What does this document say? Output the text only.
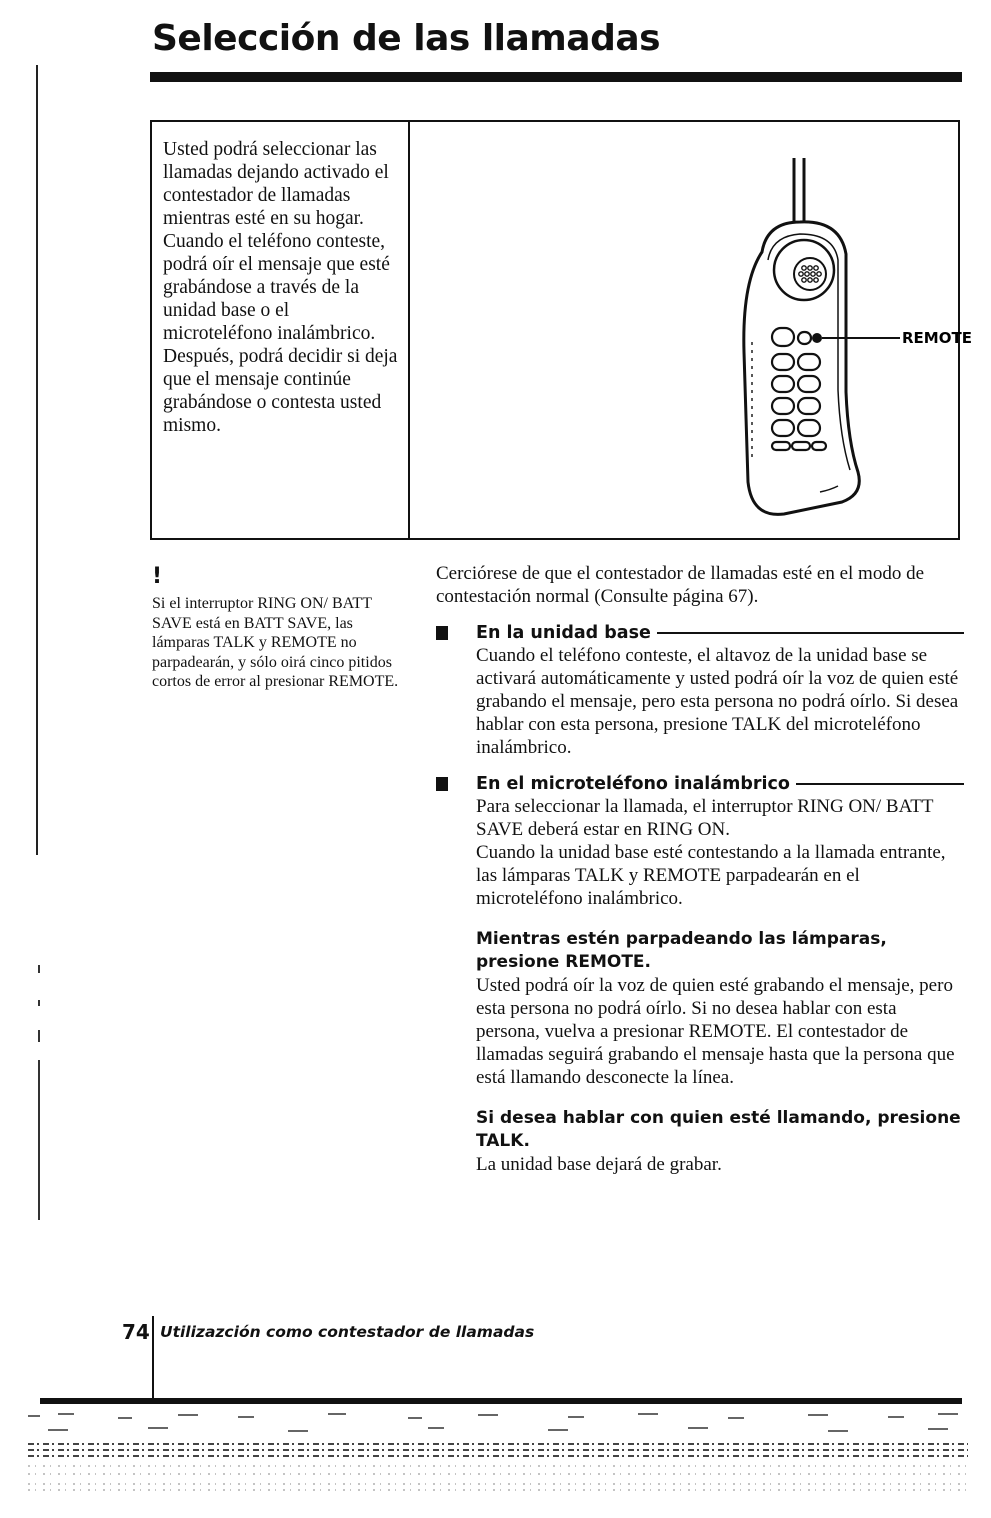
Selección de las llamadas

Usted podrá seleccionar las llamadas dejando activado el contestador de llamadas mientras esté en su hogar. Cuando el teléfono conteste, podrá oír el mensaje que esté grabándose a través de la unidad base o el microteléfono inalámbrico. Después, podrá decidir si deja que el mensaje continúe grabándose o contesta usted mismo.

REMOTE
!

Si el interruptor RING ON/ BATT SAVE está en BATT SAVE, las lámparas TALK y REMOTE no parpadearán, y sólo oirá cinco pitidos cortos de error al presionar REMOTE.

Cerciórese de que el contestador de llamadas esté en el modo de contestación normal (Consulte página 67).

En la unidad base

Cuando el teléfono conteste, el altavoz de la unidad base se activará automáticamente y usted podrá oír la voz de quien esté grabando el mensaje, pero esta persona no podrá oírlo. Si desea hablar con esta persona, presione TALK del microteléfono inalámbrico.

En el microteléfono inalámbrico

Para seleccionar la llamada, el interruptor RING ON/ BATT SAVE deberá estar en RING ON.

Cuando la unidad base esté contestando a la llamada entrante, las lámparas TALK y REMOTE parpadearán en el microteléfono inalámbrico.

Mientras estén parpadeando las lámparas, presione REMOTE.

Usted podrá oír la voz de quien esté grabando el mensaje, pero esta persona no podrá oírlo. Si no desea hablar con esta persona, vuelva a presionar REMOTE. El contestador de llamadas seguirá grabando el mensaje hasta que la persona que está llamando desconecte la línea.

Si desea hablar con quien esté llamando, presione TALK.

La unidad base dejará de grabar.

74 Utilizazción como contestador de llamadas
